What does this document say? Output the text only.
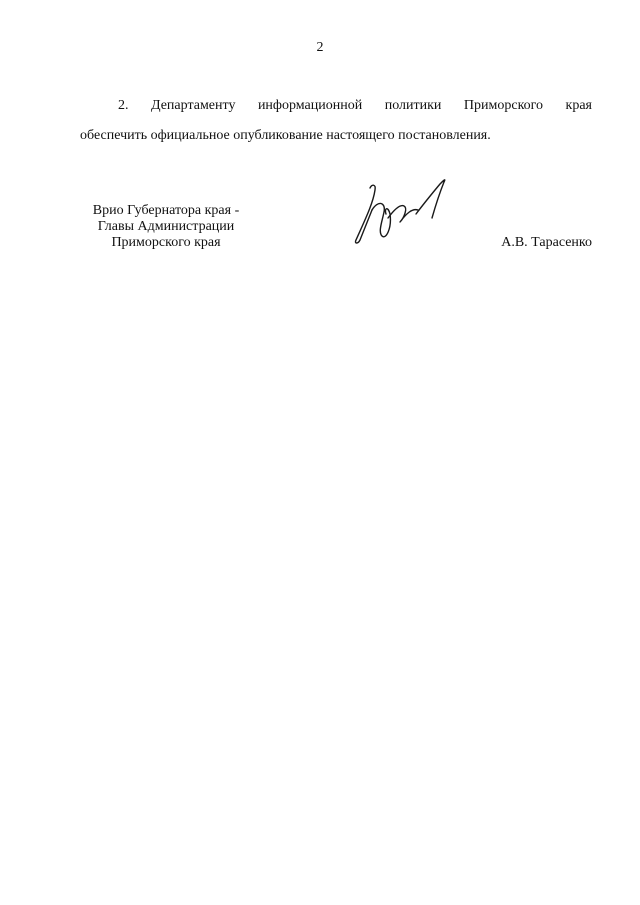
2

2. Департаменту информационной политики Приморского края

обеспечить официальное опубликование настоящего постановления.

Врио Губернатора края -
Главы Администрации
Приморского края	А.В. Тарасенко
